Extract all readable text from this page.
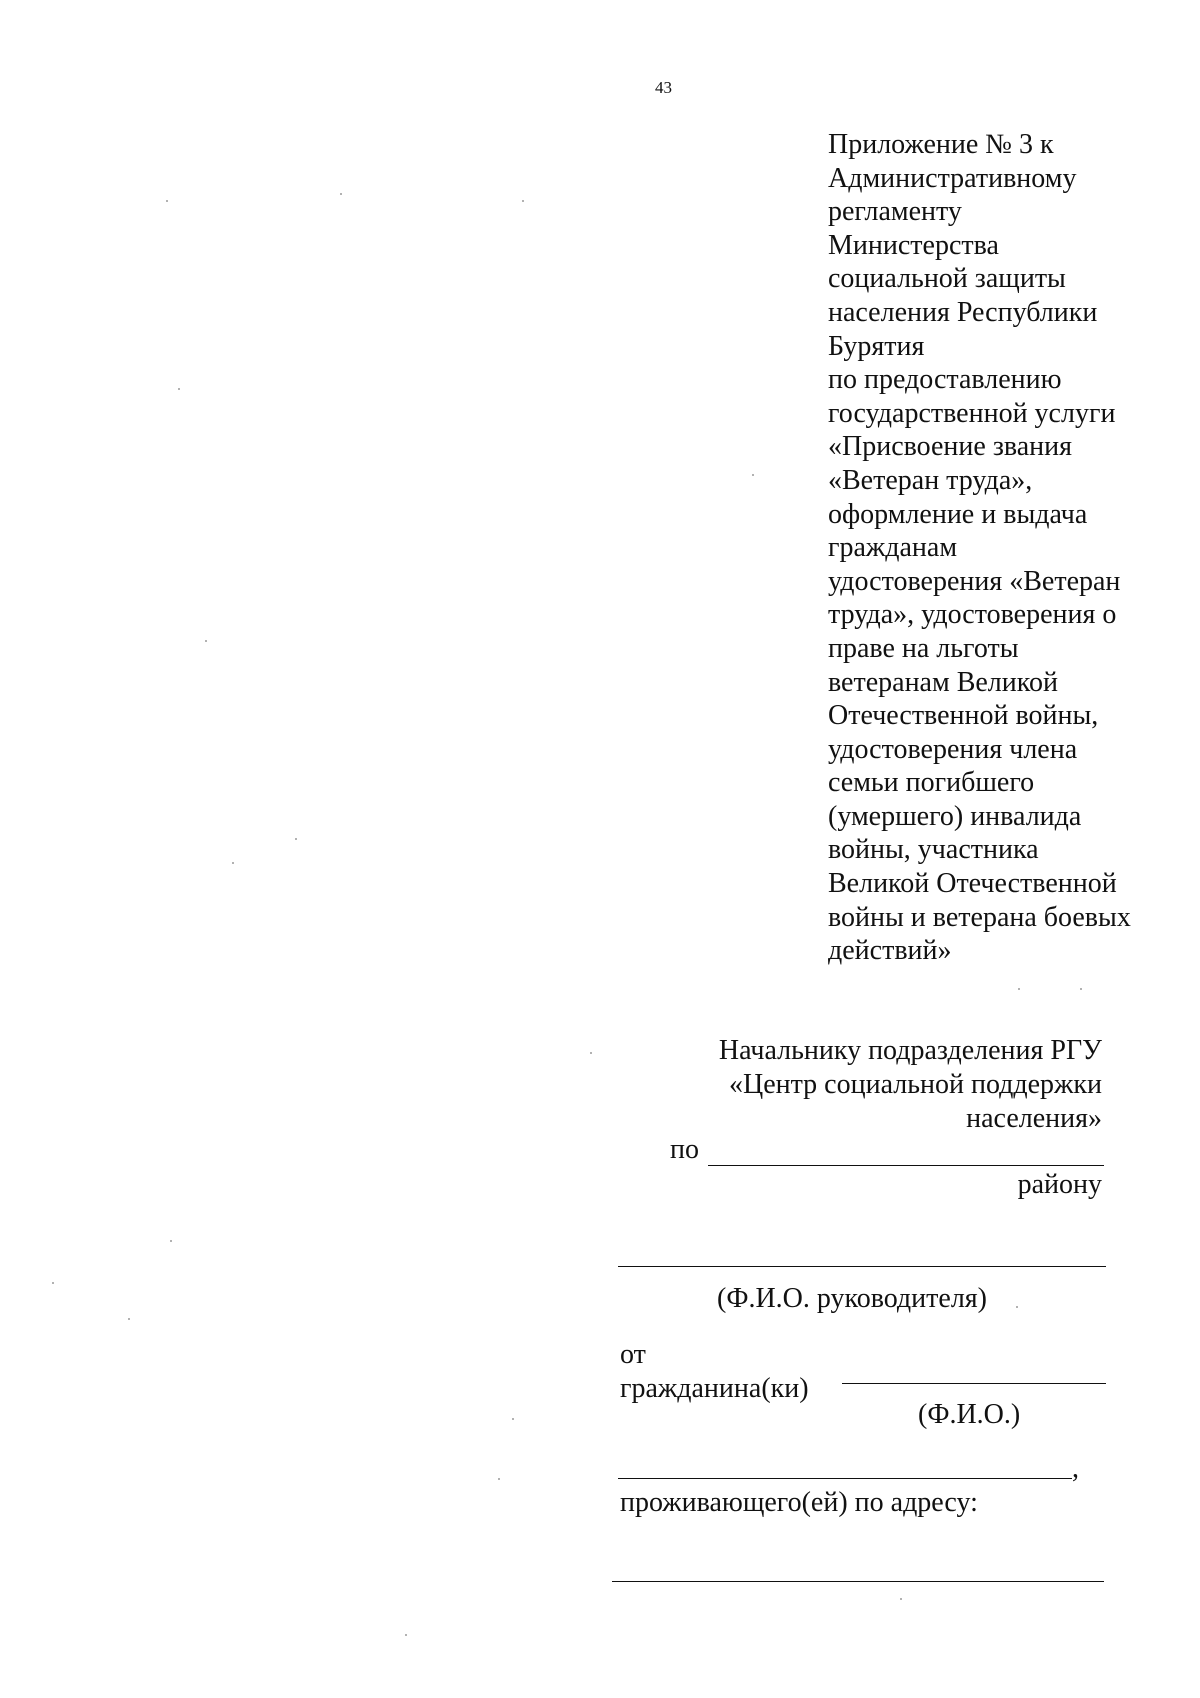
43
Приложение № 3 к
Административному
регламенту
Министерства
социальной защиты
населения Республики
Бурятия
по предоставлению
государственной услуги
«Присвоение звания
«Ветеран труда»,
оформление и выдача
гражданам
удостоверения «Ветеран
труда», удостоверения о
праве на льготы
ветеранам Великой
Отечественной войны,
удостоверения члена
семьи погибшего
(умершего) инвалида
войны, участника
Великой Отечественной
войны и ветерана боевых
действий»
Начальнику подразделения РГУ
«Центр социальной поддержки
населения»
по
району
(Ф.И.О. руководителя)
от
гражданина(ки)
(Ф.И.О.)
,
проживающего(ей) по адресу:
